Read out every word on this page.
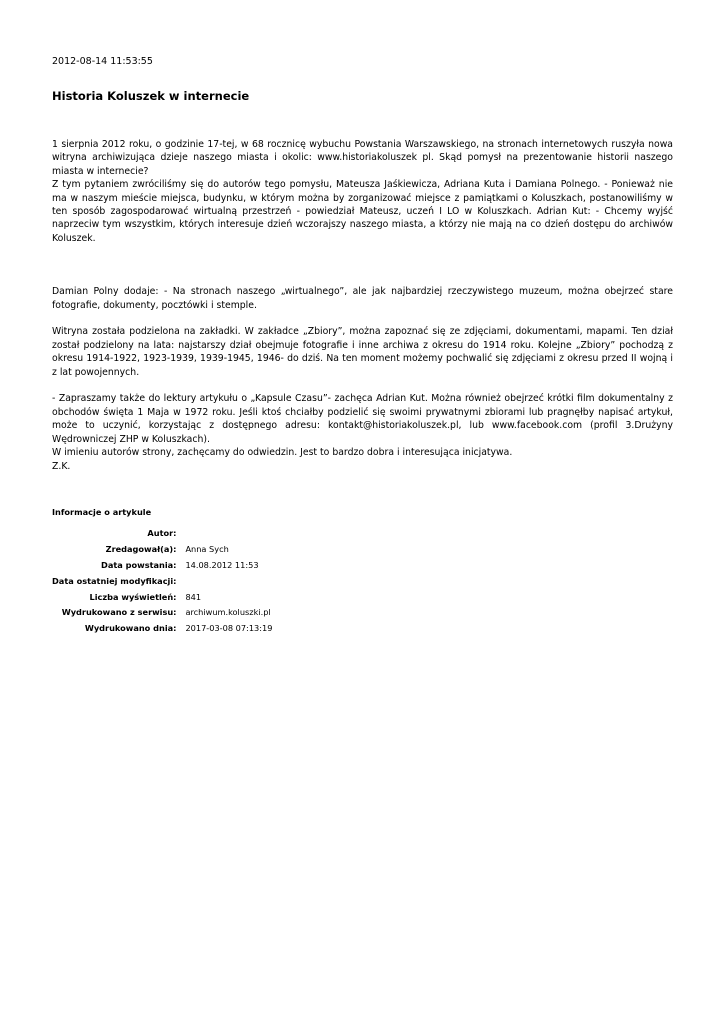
2012-08-14 11:53:55
Historia Koluszek w internecie

1 sierpnia 2012 roku, o godzinie 17-tej, w 68 rocznicę wybuchu Powstania Warszawskiego, na stronach internetowych ruszyła nowa witryna archiwizująca dzieje naszego miasta i okolic: www.historiakoluszek pl. Skąd pomysł na prezentowanie historii naszego miasta w internecie?

Z tym pytaniem zwróciliśmy się do autorów tego pomysłu, Mateusza Jaśkiewicza, Adriana Kuta i Damiana Polnego. - Ponieważ nie ma w naszym mieście miejsca, budynku, w którym można by zorganizować miejsce z pamiątkami o Koluszkach, postanowiliśmy w ten sposób zagospodarować wirtualną przestrzeń - powiedział Mateusz, uczeń I LO w Koluszkach. Adrian Kut: - Chcemy wyjść naprzeciw tym wszystkim, których interesuje dzień wczorajszy naszego miasta, a którzy nie mają na co dzień dostępu do archiwów Koluszek.

Damian Polny dodaje: - Na stronach naszego „wirtualnego”, ale jak najbardziej rzeczywistego muzeum, można obejrzeć stare fotografie, dokumenty, pocztówki i stemple.

Witryna została podzielona na zakładki. W zakładce „Zbiory”, można zapoznać się ze zdjęciami, dokumentami, mapami. Ten dział został podzielony na lata: najstarszy dział obejmuje fotografie i inne archiwa z okresu do 1914 roku. Kolejne „Zbiory” pochodzą z okresu 1914-1922, 1923-1939, 1939-1945, 1946- do dziś. Na ten moment możemy pochwalić się zdjęciami z okresu przed II wojną i z lat powojennych.

- Zapraszamy także do lektury artykułu o „Kapsule Czasu”- zachęca Adrian Kut. Można również obejrzeć krótki film dokumentalny z obchodów święta 1 Maja w 1972 roku. Jeśli ktoś chciałby podzielić się swoimi prywatnymi zbiorami lub pragnęłby napisać artykuł, może to uczynić, korzystając z dostępnego adresu: kontakt@historiakoluszek.pl, lub www.facebook.com (profil 3.Drużyny Wędrowniczej ZHP w Koluszkach).

W imieniu autorów strony, zachęcamy do odwiedzin. Jest to bardzo dobra i interesująca inicjatywa.

Z.K.

Informacje o artykule
Autor:	
Zredagował(a):	Anna Sych
Data powstania:	14.08.2012 11:53
Data ostatniej modyfikacji:	
Liczba wyświetleń:	841
Wydrukowano z serwisu:	archiwum.koluszki.pl
Wydrukowano dnia:	2017-03-08 07:13:19
